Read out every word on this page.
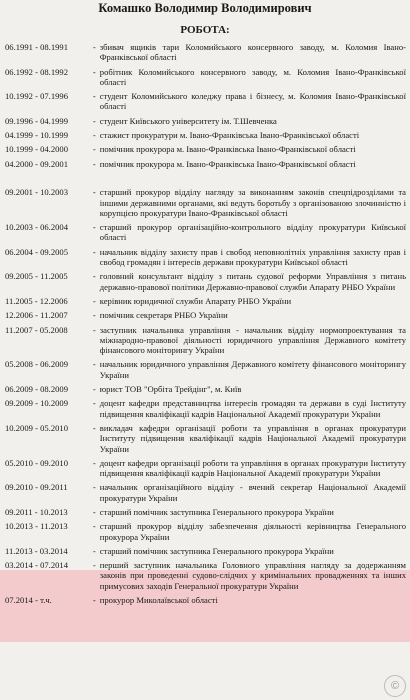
Комашко Володимир Володимирович
РОБОТА:
06.1991 - 08.1991	-	збивач ящиків тари Коломийського консервного заводу, м. Коломия Івано-Франківської області

06.1992 - 08.1992	-	робітник Коломийського консервного заводу, м. Коломия Івано-Франківської області

10.1992 - 07.1996	-	студент Коломийського коледжу права і бізнесу, м. Коломия Івано-Франківської області

09.1996 - 04.1999	-	студент Київського університету ім. Т.Шевченка

04.1999 - 10.1999	-	стажист прокуратури м. Івано-Франківська Івано-Франківської області

10.1999 - 04.2000	-	помічник прокурора м. Івано-Франківська Івано-Франківської області

04.2000 - 09.2001	-	помічник прокурора м. Івано-Франківська Івано-Франківської області

09.2001 - 10.2003	-	старший прокурор відділу нагляду за виконанням законів спецпідрозділами та іншими державними органами, які ведуть боротьбу з організованою злочинністю і корупцією прокуратури Івано-Франківської області

10.2003 - 06.2004	-	старший прокурор організаційно-контрольного відділу прокуратури Київської області

06.2004 - 09.2005	-	начальник відділу захисту прав і свобод неповнолітніх управління захисту прав і свобод громадян і інтересів держави прокуратури Київської області

09.2005 - 11.2005	-	головний консультант відділу з питань судової реформи Управління з питань державно-правової політики Державно-правової служби Апарату РНБО України

11.2005 - 12.2006	-	керівник юридичної служби Апарату РНБО України

12.2006 - 11.2007	-	помічник секретаря РНБО України

11.2007 - 05.2008	-	заступник начальника управління - начальник відділу нормопроектування та міжнародно-правової діяльності юридичного управління Державного комітету фінансового моніторингу України

05.2008 - 06.2009	-	начальник юридичного управління Державного комітету фінансового моніторингу України

06.2009 - 08.2009	-	юрист ТОВ "Орбіта Трейдінг", м. Київ

09.2009 - 10.2009	-	доцент кафедри представництва інтересів громадян та держави в суді Інституту підвищення кваліфікації кадрів Національної Академії прокуратури України

10.2009 - 05.2010	-	викладач кафедри організації роботи та управління в органах прокуратури Інституту підвищення кваліфікації кадрів Національної Академії прокуратури України

05.2010 - 09.2010	-	доцент кафедри організації роботи та управління в органах прокуратури Інституту підвищення кваліфікації кадрів Національної Академії прокуратури України

09.2010 - 09.2011	-	начальник організаційного відділу - вчений секретар Національної Академії прокуратури України

09.2011 - 10.2013	-	старший помічник заступника Генерального прокурора України

10.2013 - 11.2013	-	старший прокурор відділу забезпечення діяльності керівництва Генерального прокурора України

11.2013 - 03.2014	-	старший помічник заступника Генерального прокурора України

03.2014 - 07.2014	-	перший заступник начальника Головного управління нагляду за додержанням законів при проведенні судово-слідчих у кримінальних провадженнях та інших примусових заходів Генеральної прокуратури України

07.2014 - т.ч.	-	прокурор Миколаївської області
©
